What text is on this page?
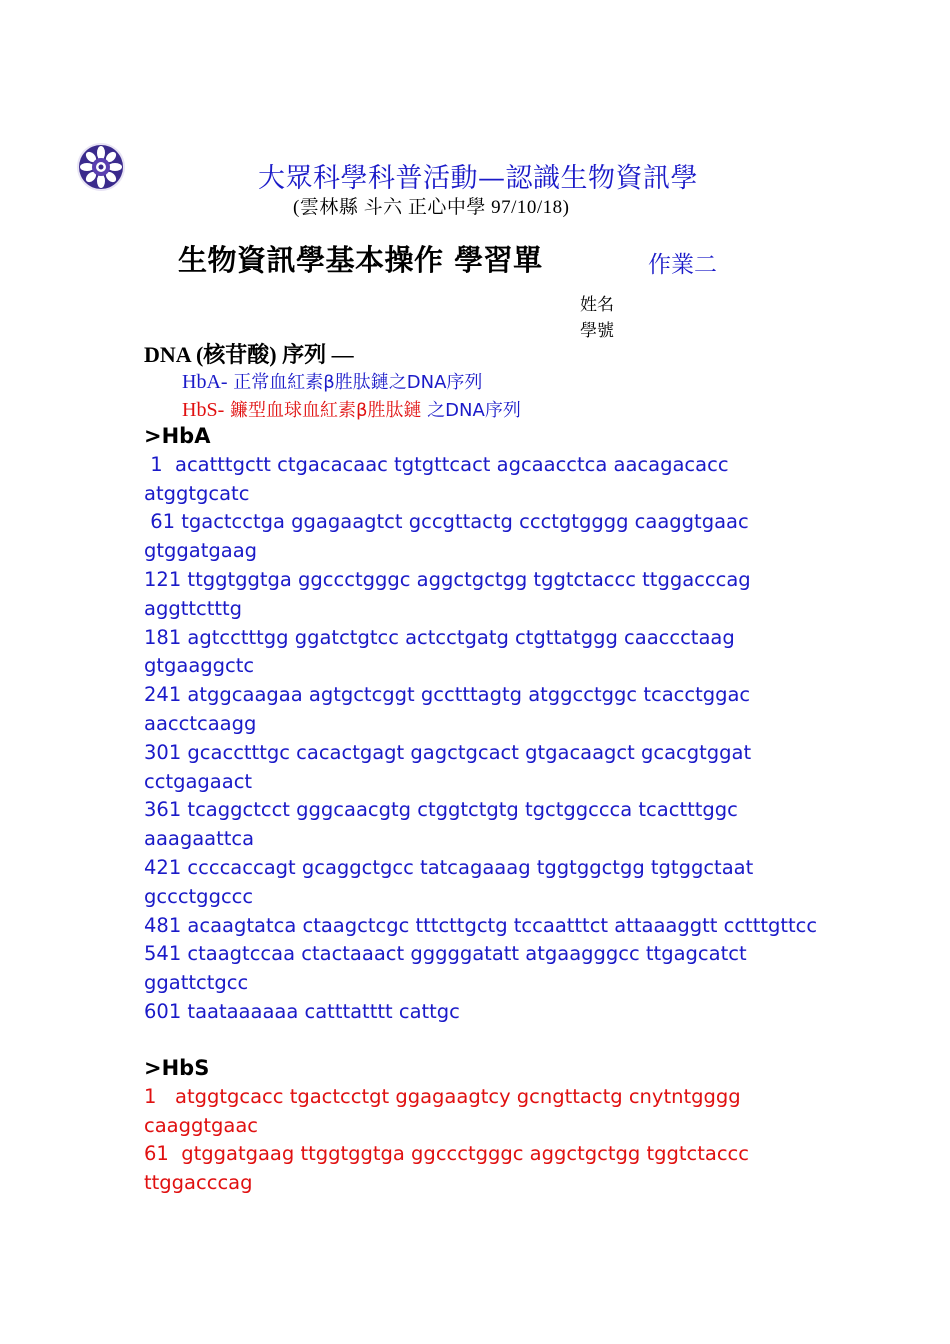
大眾科學科普活動—認識生物資訊學
(雲林縣 斗六 正心中學 97/10/18)
生物資訊學基本操作 學習單	作業二
姓名
學號
DNA (核苷酸) 序列 —
HbA- 正常血紅素β胜肽鏈之DNA序列
HbS- 鐮型血球血紅素β胜肽鏈 之DNA序列
>HbA
1  acatttgctt ctgacacaac tgtgttcact agcaacctca aacagacacc atggtgcatc
61 tgactcctga ggagaagtct gccgttactg ccctgtgggg caaggtgaac gtggatgaag
121 ttggtggtga ggccctgggc aggctgctgg tggtctaccc ttggacccag aggttctttg
181 agtcctttgg ggatctgtcc actcctgatg ctgttatggg caaccctaag gtgaaggctc
241 atggcaagaa agtgctcggt gcctttagtg atggcctggc tcacctggac aacctcaagg
301 gcacctttgc cacactgagt gagctgcact gtgacaagct gcacgtggat cctgagaact
361 tcaggctcct gggcaacgtg ctggtctgtg tgctggccca tcactttggc aaagaattca
421 ccccaccagt gcaggctgcc tatcagaaag tggtggctgg tgtggctaat gccctggccc
481 acaagtatca ctaagctcgc tttcttgctg tccaatttct attaaaggtt cctttgttcc
541 ctaagtccaa ctactaaact gggggatatt atgaagggcc ttgagcatct ggattctgcc
601 taataaaaaa catttatttt cattgc
>HbS
1   atggtgcacc tgactcctgt ggagaagtcy gcngttactg cnytntgggg caaggtgaac
61  gtggatgaag ttggtggtga ggccctgggc aggctgctgg tggtctaccc ttggacccag
